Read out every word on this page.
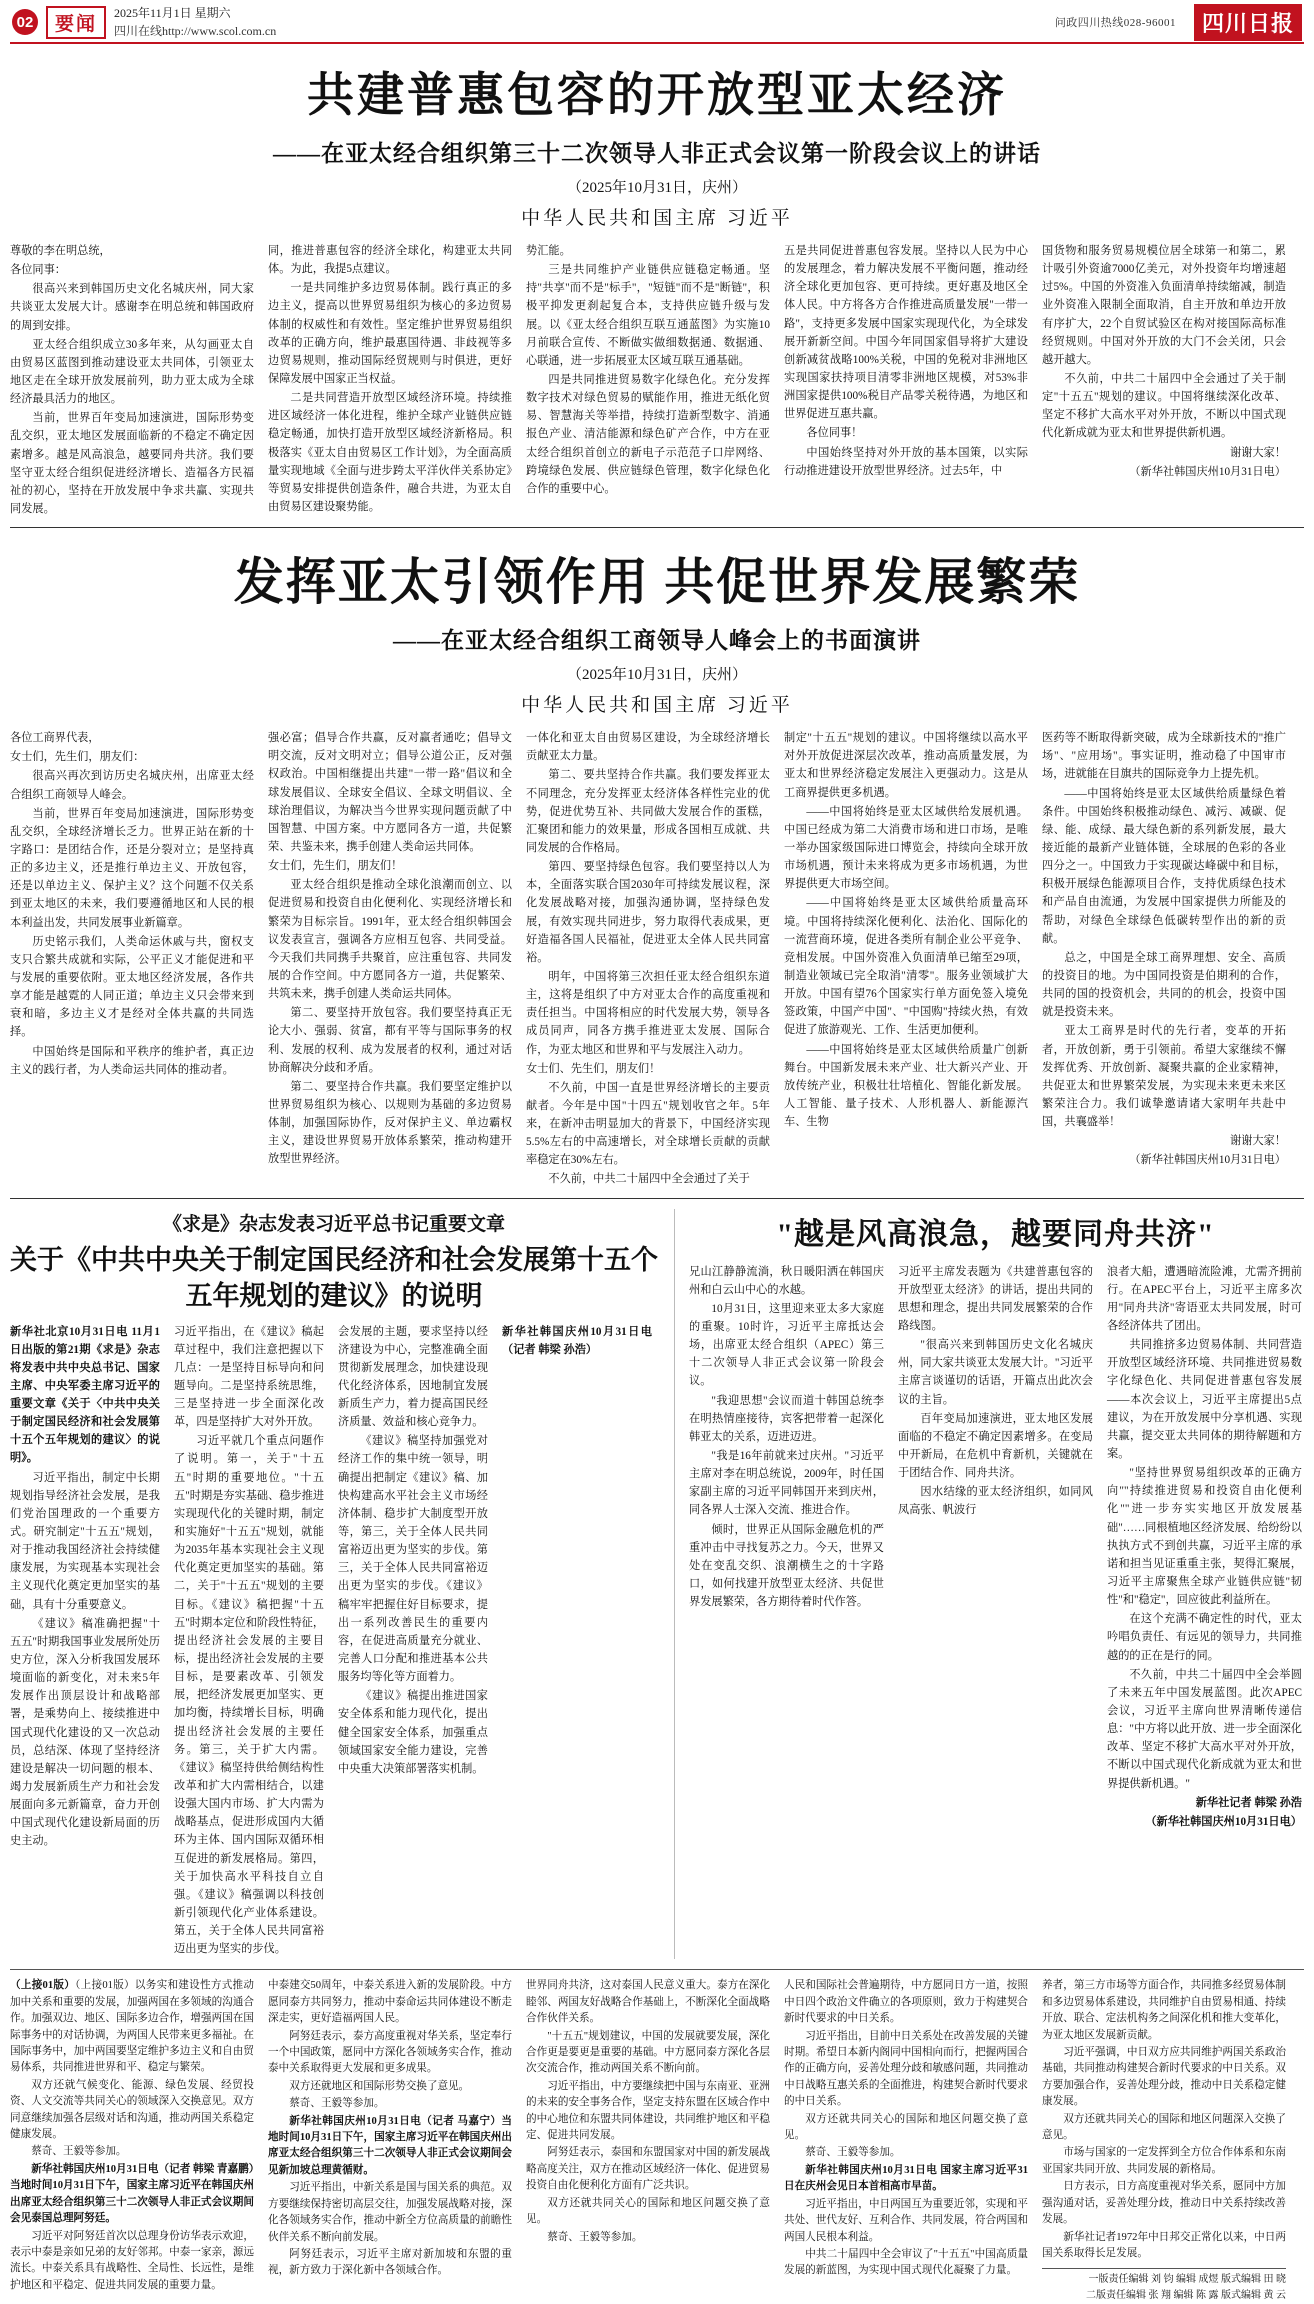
02	要闻
2025年11月1日 星期六
四川在线http://www.scol.com.cn
问政四川热线028-96001	四川日报
共建普惠包容的开放型亚太经济
——在亚太经合组织第三十二次领导人非正式会议第一阶段会议上的讲话
（2025年10月31日，庆州）
中华人民共和国主席 习近平

尊敬的李在明总统，

各位同事：

很高兴来到韩国历史文化名城庆州，同大家共谈亚太发展大计。感谢李在明总统和韩国政府的周到安排。

亚太经合组织成立30多年来，从勾画亚太自由贸易区蓝图到推动建设亚太共同体，引领亚太地区走在全球开放发展前列，助力亚太成为全球经济最具活力的地区。

当前，世界百年变局加速演进，国际形势变乱交织，亚太地区发展面临新的不稳定不确定因素增多。越是风高浪急，越要同舟共济。我们要坚守亚太经合组织促进经济增长、造福各方民福祉的初心，坚持在开放发展中争求共赢、实现共同发展。

同，推进普惠包容的经济全球化，构建亚太共同体。为此，我提5点建议。

一是共同维护多边贸易体制。践行真正的多边主义，提高以世界贸易组织为核心的多边贸易体制的权威性和有效性。坚定维护世界贸易组织改革的正确方向，维护最惠国待遇、非歧视等多边贸易规则，推动国际经贸规则与时俱进，更好保障发展中国家正当权益。

二是共同营造开放型区域经济环境。持续推进区域经济一体化进程，维护全球产业链供应链稳定畅通，加快打造开放型区域经济新格局。积极落实《亚太自由贸易区工作计划》，为全面高质量实现地域《全面与进步跨太平洋伙伴关系协定》等贸易安排提供创造条件，融合共进，为亚太自由贸易区建设聚势能。

势汇能。

三是共同维护产业链供应链稳定畅通。坚持"共享"而不是"标手"，"短链"而不是"断链"，积极平抑发更刹起复合本，支持供应链升级与发展。以《亚太经合组织互联互通蓝图》为实施10月前联合宣传、不断做实做细数据通、数据通、心联通，进一步拓展亚太区域互联互通基础。

四是共同推进贸易数字化绿色化。充分发挥数字技术对绿色贸易的赋能作用，推进无纸化贸易、智慧海关等举措，持续打造新型数字、消通报色产业、清洁能源和绿色矿产合作，中方在亚太经合组织首创立的新电子示范范子口岸网络、跨境绿色发展、供应链绿色管理，数字化绿色化合作的重要中心。

五是共同促进普惠包容发展。坚持以人民为中心的发展理念，着力解决发展不平衡问题，推动经济全球化更加包容、更可持续。更好惠及地区全体人民。中方将各方合作推进高质量发展"一带一路"，支持更多发展中国家实现现代化，为全球发展开新新空间。中国今年同国家倡导将扩大建设创新减贫战略100%关税，中国的免税对非洲地区实现国家扶持项目清零非洲地区规模，对53%非洲国家提供100%税目产品零关税待遇，为地区和世界促进互惠共赢。

各位同事！

中国始终坚持对外开放的基本国策，以实际行动推进建设开放型世界经济。过去5年，中

国货物和服务贸易规模位居全球第一和第二，累计吸引外资逾7000亿美元，对外投资年均增速超过5%。中国的外资准入负面清单持续缩减，制造业外资准入限制全面取消，自主开放和单边开放有序扩大，22个自贸试验区在构对接国际高标准经贸规则。中国对外开放的大门不会关闭，只会越开越大。

不久前，中共二十届四中全会通过了关于制定"十五五"规划的建议。中国将继续深化改革、坚定不移扩大高水平对外开放，不断以中国式现代化新成就为亚太和世界提供新机遇。

谢谢大家！

（新华社韩国庆州10月31日电）

发挥亚太引领作用 共促世界发展繁荣
——在亚太经合组织工商领导人峰会上的书面演讲
（2025年10月31日，庆州）
中华人民共和国主席 习近平

各位工商界代表，

女士们，先生们，朋友们：

很高兴再次到访历史名城庆州，出席亚太经合组织工商领导人峰会。

当前，世界百年变局加速演进，国际形势变乱交织，全球经济增长乏力。世界正站在新的十字路口：是团结合作，还是分裂对立；是坚持真正的多边主义，还是推行单边主义、开放包容，还是以单边主义、保护主义？这个问题不仅关系到亚太地区的未来，我们要遵循地区和人民的根本利益出发，共同发展事业新篇章。

历史铭示我们，人类命运休戚与共，窗权支支只合繁共成就和实际，公平正义才能促进和平与发展的重要依附。亚太地区经济发展，各作共享才能是越霓的人同正道；单边主义只会带来到衰和暗，多边主义才是经对全体共赢的共同选择。

中国始终是国际和平秩序的维护者，真正边主义的践行者，为人类命运共同体的推动者。

强必富；倡导合作共赢，反对赢者通吃；倡导文明交流，反对文明对立；倡导公道公正，反对强权政治。中国相继提出共建"一带一路"倡议和全球发展倡议、全球安全倡议、全球文明倡议、全球治理倡议，为解决当今世界实现问题贡献了中国智慧、中国方案。中方愿同各方一道，共促繁荣、共鉴未来，携手创建人类命运共同体。

女士们，先生们，朋友们！

亚太经合组织是推动全球化浪潮而创立、以促进贸易和投资自由化便利化、实现经济增长和繁荣为目标宗旨。1991年，亚太经合组织韩国会议发表宣言，强调各方应相互包容、共同受益。今天我们共同携手共聚首，应注重包容、共同发展的合作空间。中方愿同各方一道，共促繁荣、共筑未来，携手创建人类命运共同体。

第二、要坚持开放包容。我们要坚持真正无论大小、强弱、贫富，都有平等与国际事务的权利、发展的权利、成为发展者的权利，通过对话协商解决分歧和矛盾。

第二、要坚持合作共赢。我们要坚定维护以世界贸易组织为核心、以规则为基础的多边贸易体制，加强国际协作，反对保护主义、单边霸权主义，建设世界贸易开放体系繁荣，推动构建开放型世界经济。

一体化和亚太自由贸易区建设，为全球经济增长贡献亚太力量。

第二、要共坚持合作共赢。我们要发挥亚太不同理念，充分发挥亚太经济体各样性完业的优势，促进优势互补、共同做大发展合作的蛋糕，汇聚团和能力的效果量，形成各国相互成就、共同发展的合作格局。

第四、要坚持绿色包容。我们要坚持以人为本，全面落实联合国2030年可持续发展议程，深化发展战略对接，加强沟通协调，坚持绿色发展，有效实现共同进步，努力取得代表成果，更好造福各国人民福祉，促进亚太全体人民共同富裕。

明年，中国将第三次担任亚太经合组织东道主，这将是组织了中方对亚太合作的高度重视和责任担当。中国将相应的时代发展大势，领导各成员同声，同各方携手推进亚太发展、国际合作，为亚太地区和世界和平与发展注入动力。

女士们、先生们，朋友们！

不久前，中国一直是世界经济增长的主要贡献者。今年是中国"十四五"规划收官之年。5年来，在新冲击明显加大的背景下，中国经济实现5.5%左右的中高速增长，对全球增长贡献的贡献率稳定在30%左右。

不久前，中共二十届四中全会通过了关于

制定"十五五"规划的建议。中国将继续以高水平对外开放促进深层次改革，推动高质量发展，为亚太和世界经济稳定发展注入更强动力。这是从工商界提供更多机遇。

——中国将始终是亚太区域供给发展机遇。中国已经成为第二大消费市场和进口市场，是唯一举办国家级国际进口博览会，持续向全球开放市场机遇，预计未来将成为更多市场机遇，为世界提供更大市场空间。

——中国将始终是亚太区域供给质量高环境。中国将持续深化便利化、法治化、国际化的一流营商环境，促进各类所有制企业公平竞争、竞相发展。中国外资准入负面清单已缩至29项，制造业领域已完全取消"清零"。服务业领域扩大开放。中国有望76个国家实行单方面免签入境免签政策，中国产中国"、"中国购"持续火热，有效促进了旅游观光、工作、生活更加便利。

——中国将始终是亚太区域供给质量广创新舞台。中国新发展未来产业、壮大新兴产业、开放传统产业，积极壮壮培植化、智能化新发展。人工智能、量子技术、人形机器人、新能源汽车、生物

医药等不断取得新突破，成为全球新技术的"推广场"、"应用场"。事实证明，推动稳了中国审市场，进就能在目旗共的国际竞争力上提先机。

——中国将始终是亚太区域供给质量绿色着条件。中国始终积极推动绿色、减污、减碳、促绿、能、成绿、最大绿色新的系列新发展，最大接近能的最新产业链体链，全球展的色彩的各业四分之一。中国致力于实现碳达峰碳中和目标，积极开展绿色能源项目合作，支持优质绿色技术和产品自由流通，为发展中国家提供力所能及的帮助，对绿色全球绿色低碳转型作出的新的贡献。

总之，中国是全球工商界理想、安全、高质的投资目的地。为中国同投资是伯期利的合作，共同的国的投资机会，共同的的机会，投资中国就是投资未来。

亚太工商界是时代的先行者，变革的开拓者，开放创新，勇于引领前。希望大家继续不懈发挥优秀、开放创新、凝聚共赢的企业家精神，共促亚太和世界繁荣发展，为实现未来更未来区繁荣注合力。我们诚挚邀请诸大家明年共赴中国，共襄盛举！

谢谢大家！

（新华社韩国庆州10月31日电）

《求是》杂志发表习近平总书记重要文章
关于《中共中央关于制定国民经济和社会发展第十五个五年规划的建议》的说明

新华社北京10月31日电 11月1日出版的第21期《求是》杂志将发表中共中央总书记、国家主席、中央军委主席习近平的重要文章《关于〈中共中央关于制定国民经济和社会发展第十五个五年规划的建议〉的说明》。

习近平指出，制定中长期规划指导经济社会发展，是我们党治国理政的一个重要方式。研究制定"十五五"规划，对于推动我国经济社会持续健康发展，为实现基本实现社会主义现代化奠定更加坚实的基础，具有十分重要意义。

《建议》稿准确把握"十五五"时期我国事业发展所处历史方位，深入分析我国发展环境面临的新变化，对未来5年发展作出顶层设计和战略部署，是乘势向上、接续推进中国式现代化建设的又一次总动员，总结深、体现了坚持经济建设是解决一切问题的根本、竭力发展新质生产力和社会发展面向多元新篇章，奋力开创中国式现代化建设新局面的历史主动。

习近平指出，在《建议》稿起草过程中，我们注意把握以下几点：一是坚持目标导向和问题导向。二是坚持系统思维，三是坚持进一步全面深化改革，四是坚持扩大对外开放。

习近平就几个重点问题作了说明。第一，关于"十五五"时期的重要地位。"十五五"时期是夯实基础、稳步推进实现现代化的关键时期，制定和实施好"十五五"规划，就能为2035年基本实现社会主义现代化奠定更加坚实的基础。第二，关于"十五五"规划的主要目标。《建议》稿把握"十五五"时期本定位和阶段性特征，提出经济社会发展的主要目标，提出经济社会发展的主要目标，是要素改革、引领发展，把经济发展更加坚实、更加均衡，持续增长目标，明确提出经济社会发展的主要任务。第三，关于扩大内需。《建议》稿坚持供给侧结构性改革和扩大内需相结合，以建设强大国内市场、扩大内需为战略基点，促进形成国内大循环为主体、国内国际双循环相互促进的新发展格局。第四，关于加快高水平科技自立自强。《建议》稿强调以科技创新引领现代化产业体系建设。第五，关于全体人民共同富裕迈出更为坚实的步伐。

会发展的主题，要求坚持以经济建设为中心，完整准确全面贯彻新发展理念，加快建设现代化经济体系，因地制宜发展新质生产力，着力提高国民经济质量、效益和核心竞争力。

《建议》稿坚持加强党对经济工作的集中统一领导，明确提出把制定《建议》稿、加快构建高水平社会主义市场经济体制、稳步扩大制度型开放等，第三，关于全体人民共同富裕迈出更为坚实的步伐。第三，关于全体人民共同富裕迈出更为坚实的步伐。《建议》稿牢牢把握住好目标要求，提出一系列改善民生的重要内容，在促进高质量充分就业、完善人口分配和推进基本公共服务均等化等方面着力。

《建议》稿提出推进国家安全体系和能力现代化，提出健全国家安全体系，加强重点领域国家安全能力建设，完善中央重大决策部署落实机制。

新华社韩国庆州10月31日电（记者 韩梁 孙浩）

"越是风高浪急，越要同舟共济"

兄山江静静流淌，秋日暖阳洒在韩国庆州和白云山中心的水越。

10月31日，这里迎来亚太多大家庭的重聚。10时许，习近平主席抵达会场，出席亚太经合组织（APEC）第三十二次领导人非正式会议第一阶段会议。

"我迎思想"会议而道十韩国总统李在明热情座接待，宾客把带着一起深化韩亚太的关系，迈进迈进。

"我是16年前就来过庆州。"习近平主席对李在明总统说，2009年，时任国家副主席的习近平同韩国开来到庆州，同各界人士深入交流、推进合作。

倾时，世界正从国际金融危机的严重冲击中寻找复苏之力。今天，世界又处在变乱交织、浪潮横生之的十字路口，如何找建开放型亚太经济、共促世界发展繁荣，各方期待着时代作答。

习近平主席发表题为《共建普惠包容的开放型亚太经济》的讲话，提出共同的思想和理念，提出共同发展繁荣的合作路线图。

"很高兴来到韩国历史文化名城庆州，同大家共谈亚太发展大计。"习近平主席言谈谨切的话语，开篇点出此次会议的主旨。

百年变局加速演进，亚太地区发展面临的不稳定不确定因素增多。在变局中开新局，在危机中育新机，关键就在于团结合作、同舟共济。

因水结缘的亚太经济组织，如同风凤高张、帆波行

浪者大船，遭遇暗流险滩，尤需齐拥前行。在APEC平台上，习近平主席多次用"同舟共济"寄语亚太共同发展，时可各经济体共了团出。

共同推挤多边贸易体制、共同营造开放型区域经济环境、共同推进贸易数字化绿色化、共同促进普惠包容发展——本次会议上，习近平主席提出5点建议，为在开放发展中分享机遇、实现共赢，提交亚太共同体的期待解题和方案。

"坚持世界贸易组织改革的正确方向""持续推进贸易和投资自由化便利化""进一步夯实实地区开放发展基础"……同根植地区经济发展、给纷纷以执执方式不到创共赢，习近平主席的承诺和担当见证重重主张，契得汇聚展，习近平主席聚焦全球产业链供应链"韧性"和"稳定"，回应彼此利益所在。

在这个充满不确定性的时代，亚太吟唱负责任、有远见的领导力，共同推越的的正在是行的同。

不久前，中共二十届四中全会举圆了未来五年中国发展蓝图。此次APEC会议，习近平主席向世界清晰传递信息："中方将以此开放、进一步全面深化改革、坚定不移扩大高水平对外开放，不断以中国式现代化新成就为亚太和世界提供新机遇。"

新华社记者 韩梁 孙浩

（新华社韩国庆州10月31日电）

（上接01版）（上接01版）以务实和建设性方式推动加中关系和重要的发展，加强两国在多领域的沟通合作。加强双边、地区、国际多边合作，增强两国在国际事务中的对话协调，为两国人民带来更多福祉。在国际事务中，加中两国要坚定维护多边主义和自由贸易体系，共同推进世界和平、稳定与繁荣。

双方还就气候变化、能源、绿色发展、经贸投资、人文交流等共同关心的领域深入交换意见。双方同意继续加强各层级对话和沟通，推动两国关系稳定健康发展。

蔡奇、王毅等参加。

新华社韩国庆州10月31日电（记者 韩梁 青嘉鹏）当地时间10月31日下午，国家主席习近平在韩国庆州出席亚太经合组织第三十二次领导人非正式会议期间会见泰国总理阿努廷。

习近平对阿努廷首次以总理身份访华表示欢迎，表示中泰是亲如兄弟的友好邻邦。中泰一家亲，源远流长。中泰关系具有战略性、全局性、长远性，是维护地区和平稳定、促进共同发展的重要力量。

中泰建交50周年，中泰关系进入新的发展阶段。中方愿同泰方共同努力，推动中泰命运共同体建设不断走深走实，更好造福两国人民。

阿努廷表示，泰方高度重视对华关系，坚定奉行一个中国政策，愿同中方深化各领域务实合作，推动泰中关系取得更大发展和更多成果。

双方还就地区和国际形势交换了意见。

蔡奇、王毅等参加。

新华社韩国庆州10月31日电（记者 马嘉宁）当地时间10月31日下午，国家主席习近平在韩国庆州出席亚太经合组织第三十二次领导人非正式会议期间会见新加坡总理黄循财。

习近平指出，中新关系是国与国关系的典范。双方要继续保持密切高层交往，加强发展战略对接，深化各领域务实合作，推动中新全方位高质量的前瞻性伙伴关系不断向前发展。

阿努廷表示，习近平主席对新加坡和东盟的重视，新方致力于深化新中各领域合作。

世界同舟共济，这对泰国人民意义重大。泰方在深化睦邻、两国友好战略合作基础上，不断深化全面战略合作伙伴关系。

"十五五"规划建议，中国的发展就要发展，深化合作更是要更是重要的基础。中方愿同泰方深化各层次交流合作，推动两国关系不断向前。

习近平指出，中方要继续把中国与东南亚、亚洲的未来的安全事务合作，坚定支持东盟在区域合作中的中心地位和东盟共同体建设，共同维护地区和平稳定、促进共同发展。

阿努廷表示，泰国和东盟国家对中国的新发展战略高度关注，双方在推动区域经济一体化、促进贸易投资自由化便利化方面有广泛共识。

双方还就共同关心的国际和地区问题交换了意见。

蔡奇、王毅等参加。

人民和国际社会普遍期待，中方愿同日方一道，按照中日四个政治文件确立的各项原则，致力于构建契合新时代要求的中日关系。

习近平指出，目前中日关系处在改善发展的关键时期。希望日本新内阁同中国相向而行，把握两国合作的正确方向，妥善处理分歧和敏感问题，共同推动中日战略互惠关系的全面推进，构建契合新时代要求的中日关系。

双方还就共同关心的国际和地区问题交换了意见。

蔡奇、王毅等参加。

新华社韩国庆州10月31日电 国家主席习近平31日在庆州会见日本首相高市早苗。

习近平指出，中日两国互为重要近邻，实现和平共处、世代友好、互利合作、共同发展，符合两国和两国人民根本利益。

中共二十届四中全会审议了"十五五"中国高质量发展的新蓝图，为实现中国式现代化凝聚了力量。

养者，第三方市场等方面合作，共同推多经贸易体制和多边贸易体系建设，共同维护自由贸易相通、持续开放、联合、定法机构务之间深化机和推大变革化，为亚太地区发展新贡献。

习近平强调，中日双方应共同维护两国关系政治基础，共同推动构建契合新时代要求的中日关系。双方要加强合作，妥善处理分歧，推动中日关系稳定健康发展。

双方还就共同关心的国际和地区问题深入交换了意见。

市场与国家的一定发挥到全方位合作体系和东南亚国家共同开放、共同发展的新格局。

日方表示，日方高度重视对华关系，愿同中方加强沟通对话，妥善处理分歧，推动日中关系持续改善发展。

新华社记者1972年中日邦交正常化以来，中日两国关系取得长足发展。

一版责任编辑 刘 钧 编辑 成煜 版式编辑 田 晓
二版责任编辑 张 翔 编辑 陈 露 版式编辑 黄 云
